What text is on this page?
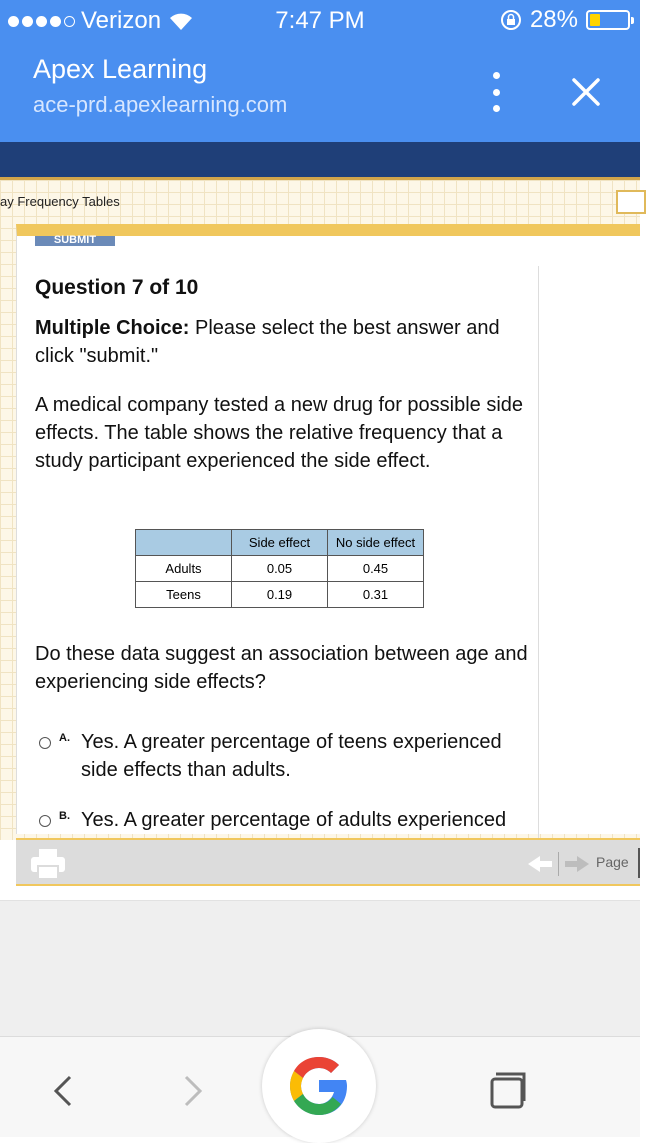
Verizon	7:47 PM	28%
Apex Learning
ace-prd.apexlearning.com
ay Frequency Tables
SUBMIT
Question 7 of 10
Multiple Choice: Please select the best answer and click "submit."
A medical company tested a new drug for possible side effects. The table shows the relative frequency that a study participant experienced the side effect.
	Side effect	No side effect
Adults	0.05	0.45
Teens	0.19	0.31
Do these data suggest an association between age and experiencing side effects?
A. Yes. A greater percentage of teens experienced side effects than adults.
B. Yes. A greater percentage of adults experienced
Page
